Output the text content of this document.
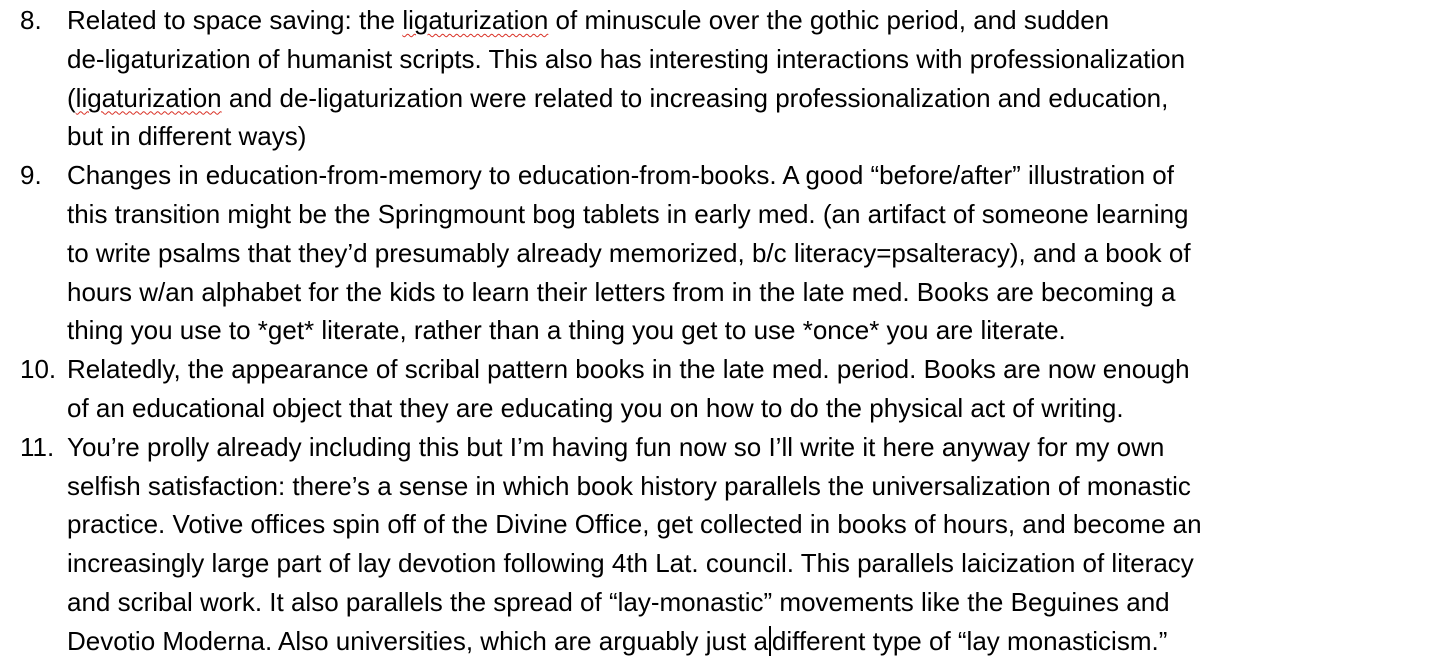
8. Related to space saving: the ligaturization of minuscule over the gothic period, and sudden
de-ligaturization of humanist scripts. This also has interesting interactions with professionalization
(ligaturization and de-ligaturization were related to increasing professionalization and education,
but in different ways)
9. Changes in education-from-memory to education-from-books. A good “before/after” illustration of
this transition might be the Springmount bog tablets in early med. (an artifact of someone learning
to write psalms that they’d presumably already memorized, b/c literacy=psalteracy), and a book of
hours w/an alphabet for the kids to learn their letters from in the late med. Books are becoming a
thing you use to *get* literate, rather than a thing you get to use *once* you are literate.
10. Relatedly, the appearance of scribal pattern books in the late med. period. Books are now enough
of an educational object that they are educating you on how to do the physical act of writing.
11. You’re prolly already including this but I’m having fun now so I’ll write it here anyway for my own
selfish satisfaction: there’s a sense in which book history parallels the universalization of monastic
practice. Votive offices spin off of the Divine Office, get collected in books of hours, and become an
increasingly large part of lay devotion following 4th Lat. council. This parallels laicization of literacy
and scribal work. It also parallels the spread of “lay-monastic” movements like the Beguines and
Devotio Moderna. Also universities, which are arguably just a different type of “lay monasticism.”
